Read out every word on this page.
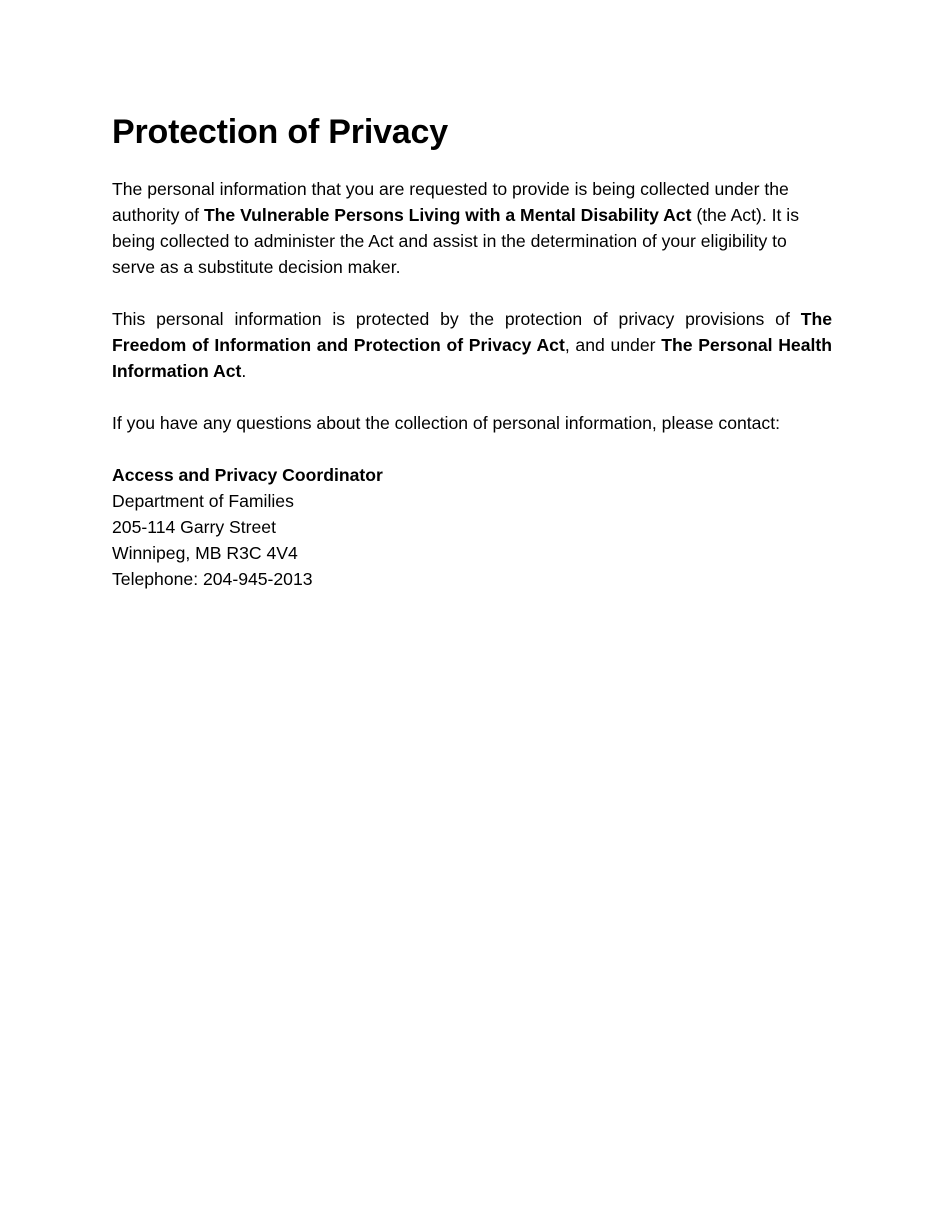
Protection of Privacy

The personal information that you are requested to provide is being collected under the authority of The Vulnerable Persons Living with a Mental Disability Act (the Act). It is being collected to administer the Act and assist in the determination of your eligibility to serve as a substitute decision maker.

This personal information is protected by the protection of privacy provisions of The Freedom of Information and Protection of Privacy Act, and under The Personal Health Information Act.

If you have any questions about the collection of personal information, please contact:

Access and Privacy Coordinator
Department of Families
205-114 Garry Street
Winnipeg, MB R3C 4V4
Telephone: 204-945-2013
